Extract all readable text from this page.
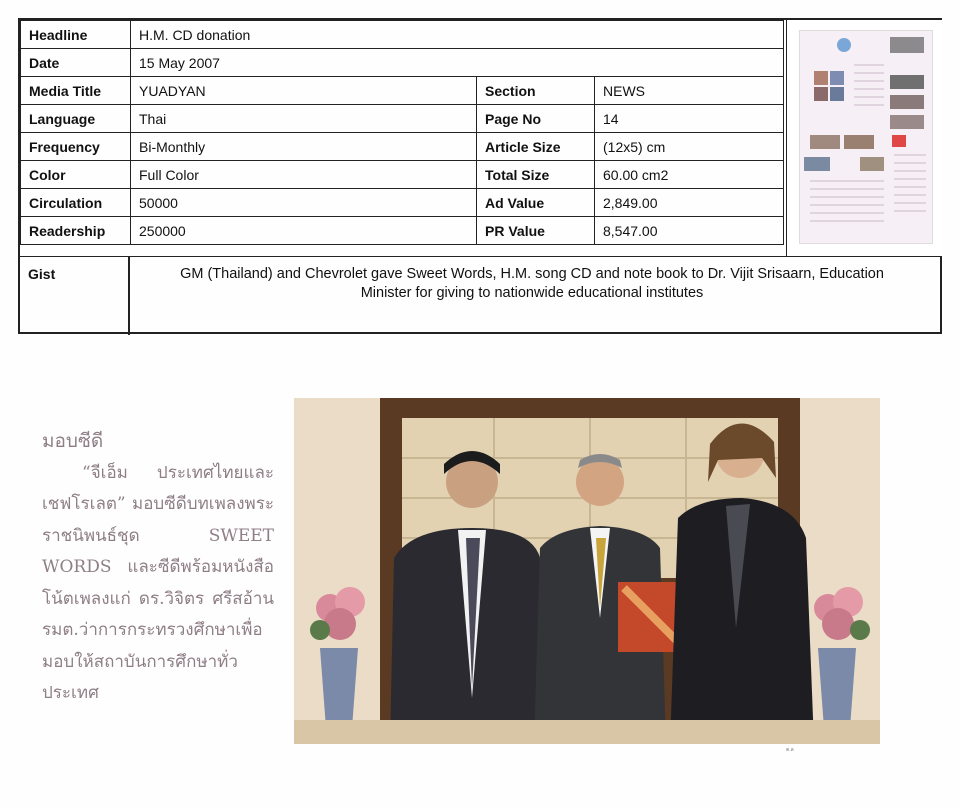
Headline	H.M. CD donation		
Date	15 May 2007		
Media Title	YUADYAN	Section	NEWS
Language	Thai	Page No	14
Frequency	Bi-Monthly	Article Size	(12x5) cm
Color	Full Color	Total Size	60.00 cm2
Circulation	50000	Ad Value	2,849.00
Readership	250000	PR Value	8,547.00
Gist	GM (Thailand) and Chevrolet gave Sweet Words, H.M. song CD and note book to Dr. Vijit Srisaarn, Education
Minister for giving to nationwide educational institutes
มอบซีดี
“จีเอ็ม ประเทศไทยและเชฟโรเลต” มอบซีดีบทเพลงพระราชนิพนธ์ชุด SWEET WORDS และซีดีพร้อมหนังสือโน้ตเพลงแก่ ดร.วิจิตร ศรีสอ้าน รมต.ว่าการกระทรวงศึกษาเพื่อมอบให้สถาบันการศึกษาทั่วประเทศ
ต.ล
